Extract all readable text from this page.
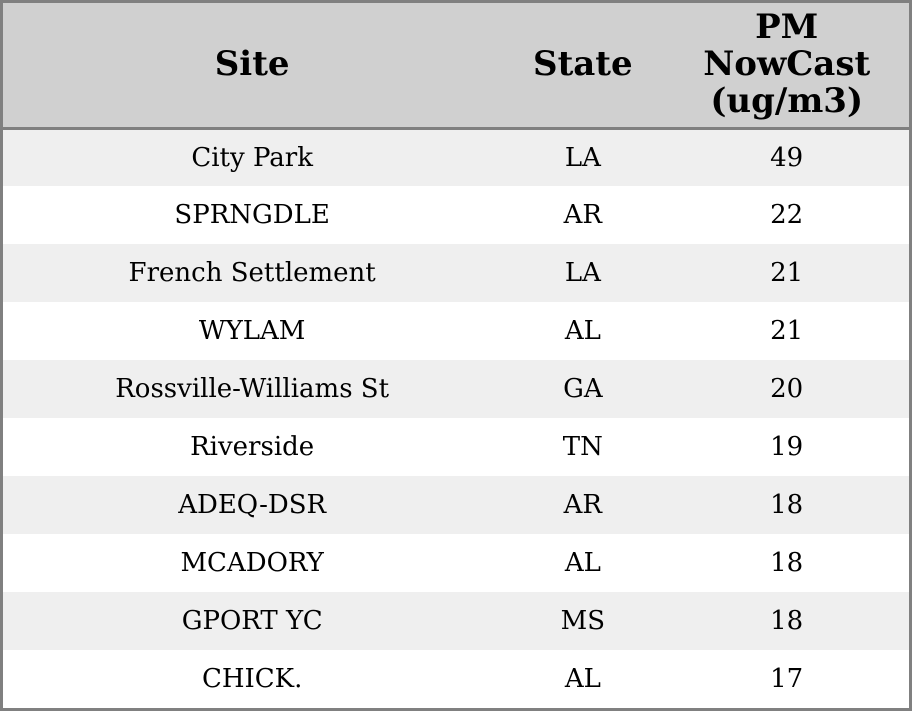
Site	State	PM NowCast (ug/m3)

City Park	LA	49
SPRNGDLE	AR	22
French Settlement	LA	21
WYLAM	AL	21
Rossville-Williams St	GA	20
Riverside	TN	19
ADEQ-DSR	AR	18
MCADORY	AL	18
GPORT YC	MS	18
CHICK.	AL	17
